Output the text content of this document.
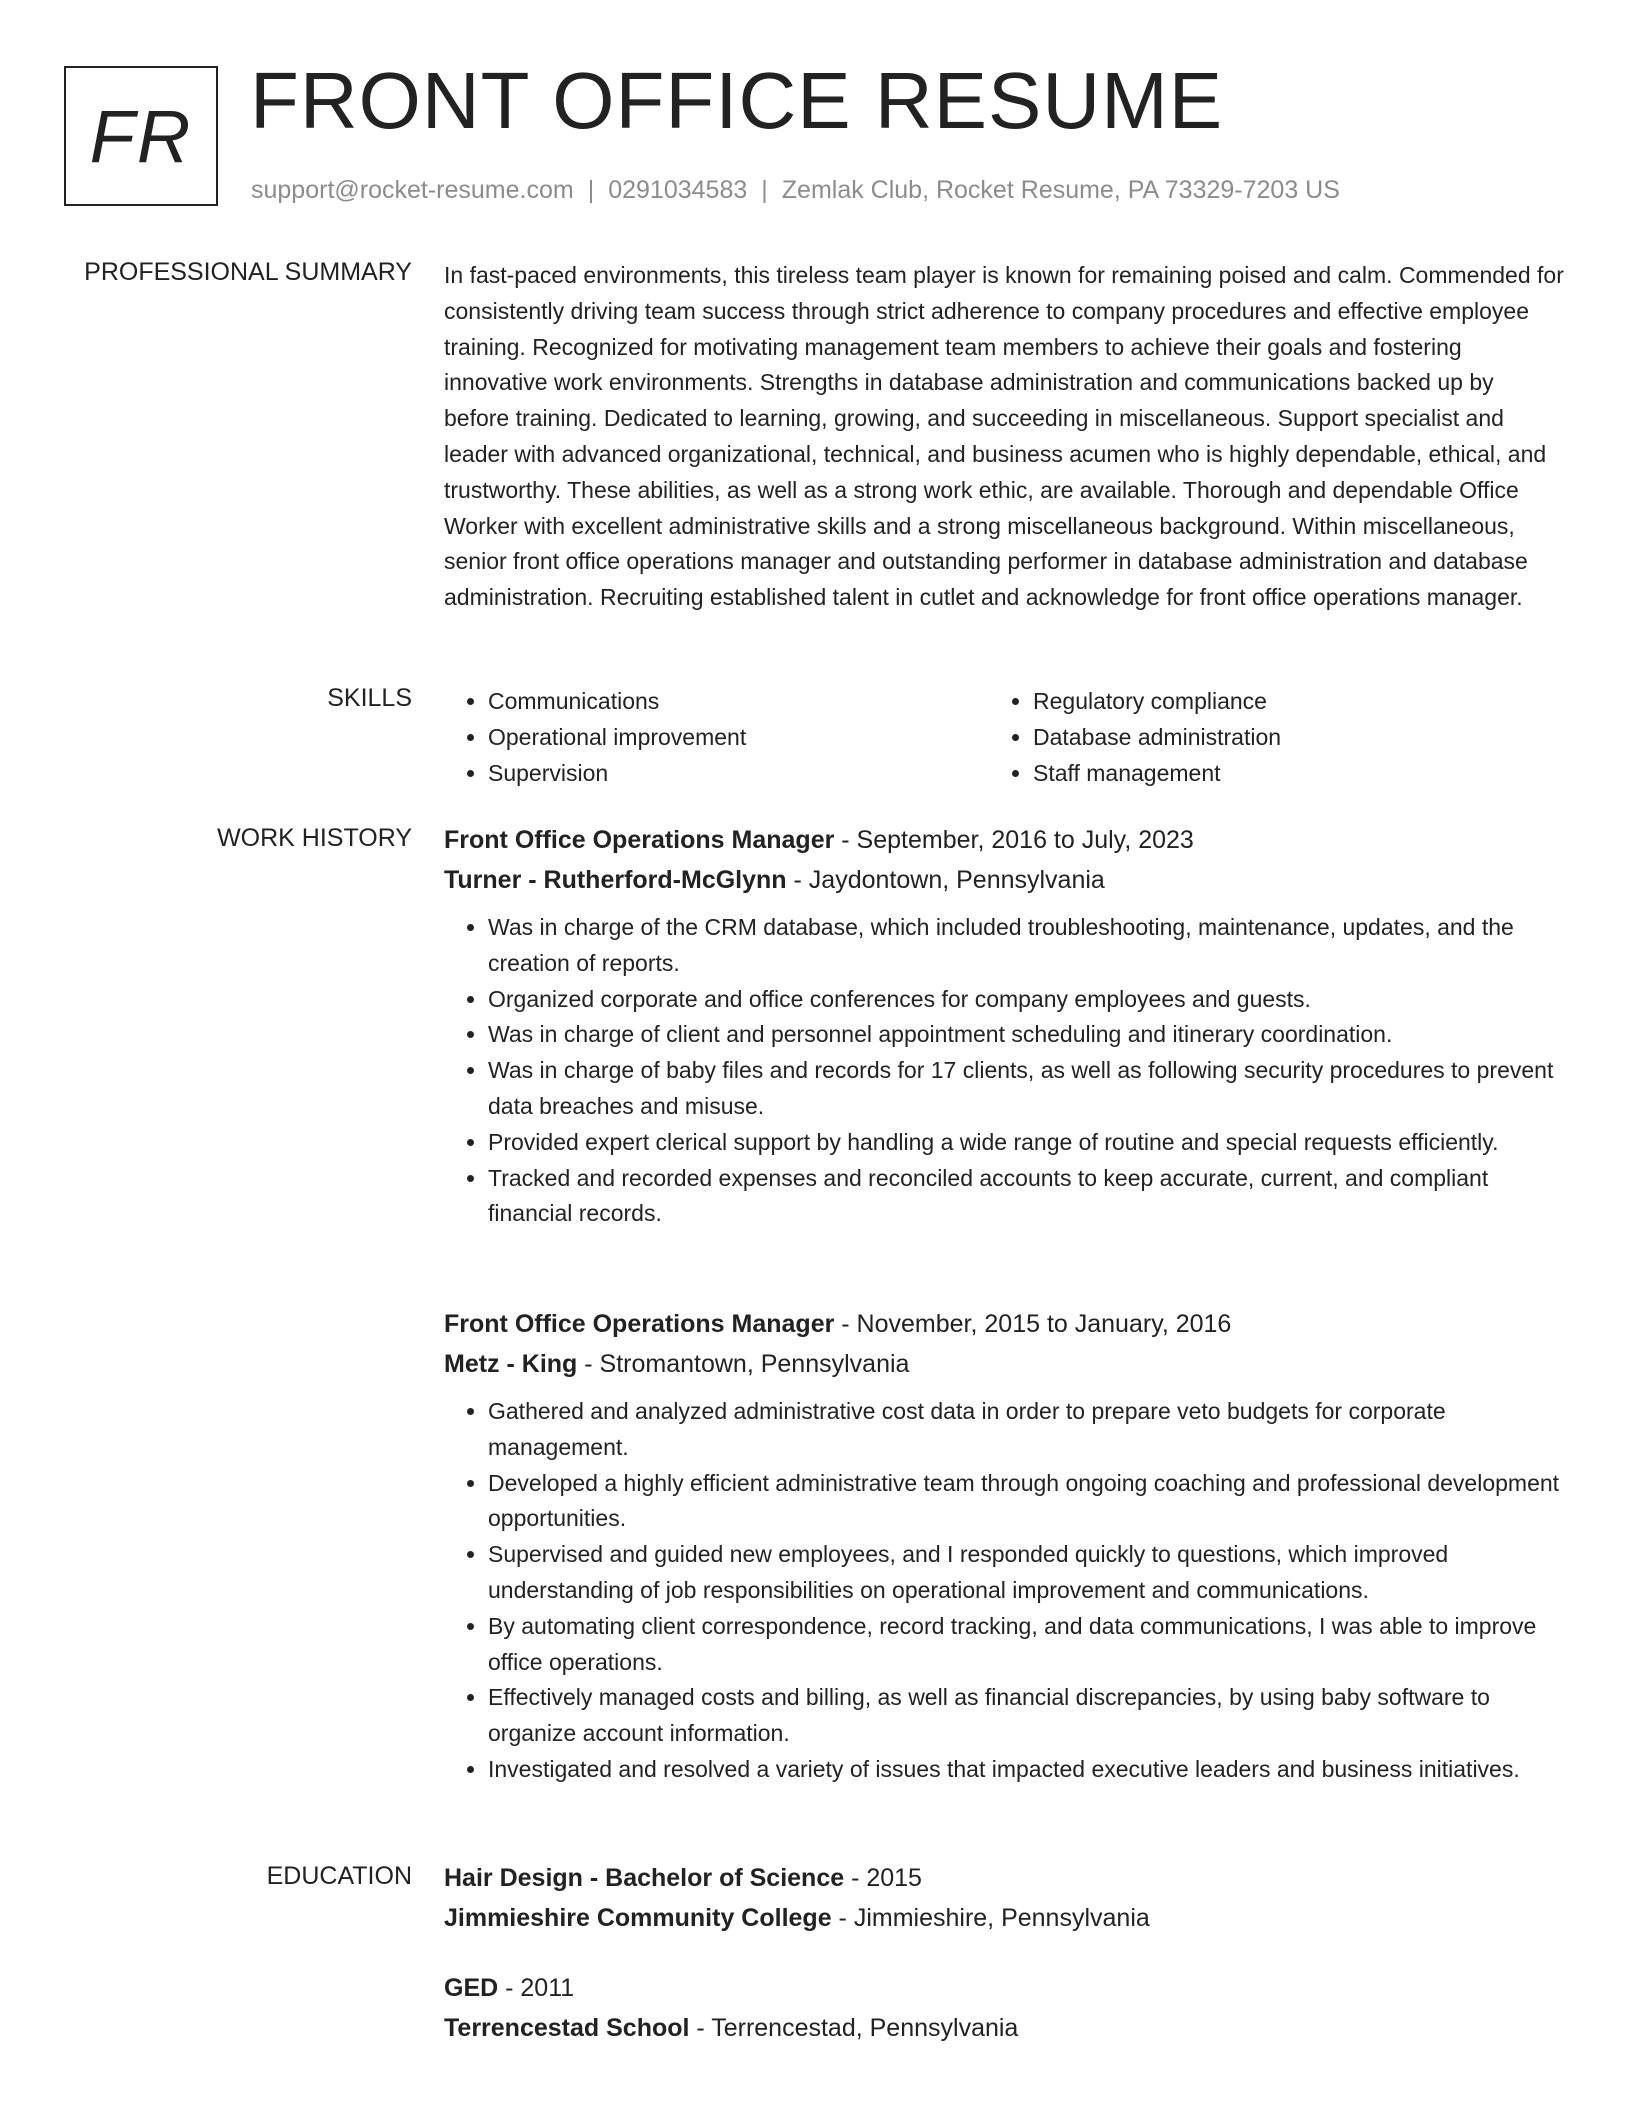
FR FRONT OFFICE RESUME
support@rocket-resume.com | 0291034583 | Zemlak Club, Rocket Resume, PA 73329-7203 US
PROFESSIONAL SUMMARY In fast-paced environments, this tireless team player is known for remaining poised and calm. Commended for consistently driving team success through strict adherence to company procedures and effective employee training. Recognized for motivating management team members to achieve their goals and fostering innovative work environments. Strengths in database administration and communications backed up by before training. Dedicated to learning, growing, and succeeding in miscellaneous. Support specialist and leader with advanced organizational, technical, and business acumen who is highly dependable, ethical, and trustworthy. These abilities, as well as a strong work ethic, are available. Thorough and dependable Office Worker with excellent administrative skills and a strong miscellaneous background. Within miscellaneous, senior front office operations manager and outstanding performer in database administration and database administration. Recruiting established talent in cutlet and acknowledge for front office operations manager.

SKILLS
•	Communications
• Operational improvement
• Supervision
• Regulatory compliance
• Database administration
• Staff management
WORK HISTORY Front Office Operations Manager - September, 2016 to July, 2023
Turner - Rutherford-McGlynn - Jaydontown, Pennsylvania
• Was in charge of the CRM database, which included troubleshooting, maintenance, updates, and the creation of reports.
• Organized corporate and office conferences for company employees and guests.
• Was in charge of client and personnel appointment scheduling and itinerary coordination.
• Was in charge of baby files and records for 17 clients, as well as following security procedures to prevent data breaches and misuse.
• Provided expert clerical support by handling a wide range of routine and special requests efficiently.
• Tracked and recorded expenses and reconciled accounts to keep accurate, current, and compliant financial records.
Front Office Operations Manager - November, 2015 to January, 2016
Metz - King - Stromantown, Pennsylvania
• Gathered and analyzed administrative cost data in order to prepare veto budgets for corporate management.
• Developed a highly efficient administrative team through ongoing coaching and professional development opportunities.
• Supervised and guided new employees, and I responded quickly to questions, which improved understanding of job responsibilities on operational improvement and communications.
• By automating client correspondence, record tracking, and data communications, I was able to improve office operations.
• Effectively managed costs and billing, as well as financial discrepancies, by using baby software to organize account information.
• Investigated and resolved a variety of issues that impacted executive leaders and business initiatives.
EDUCATION Hair Design - Bachelor of Science - 2015
Jimmieshire Community College - Jimmieshire, Pennsylvania
GED - 2011
Terrencestad School - Terrencestad, Pennsylvania
